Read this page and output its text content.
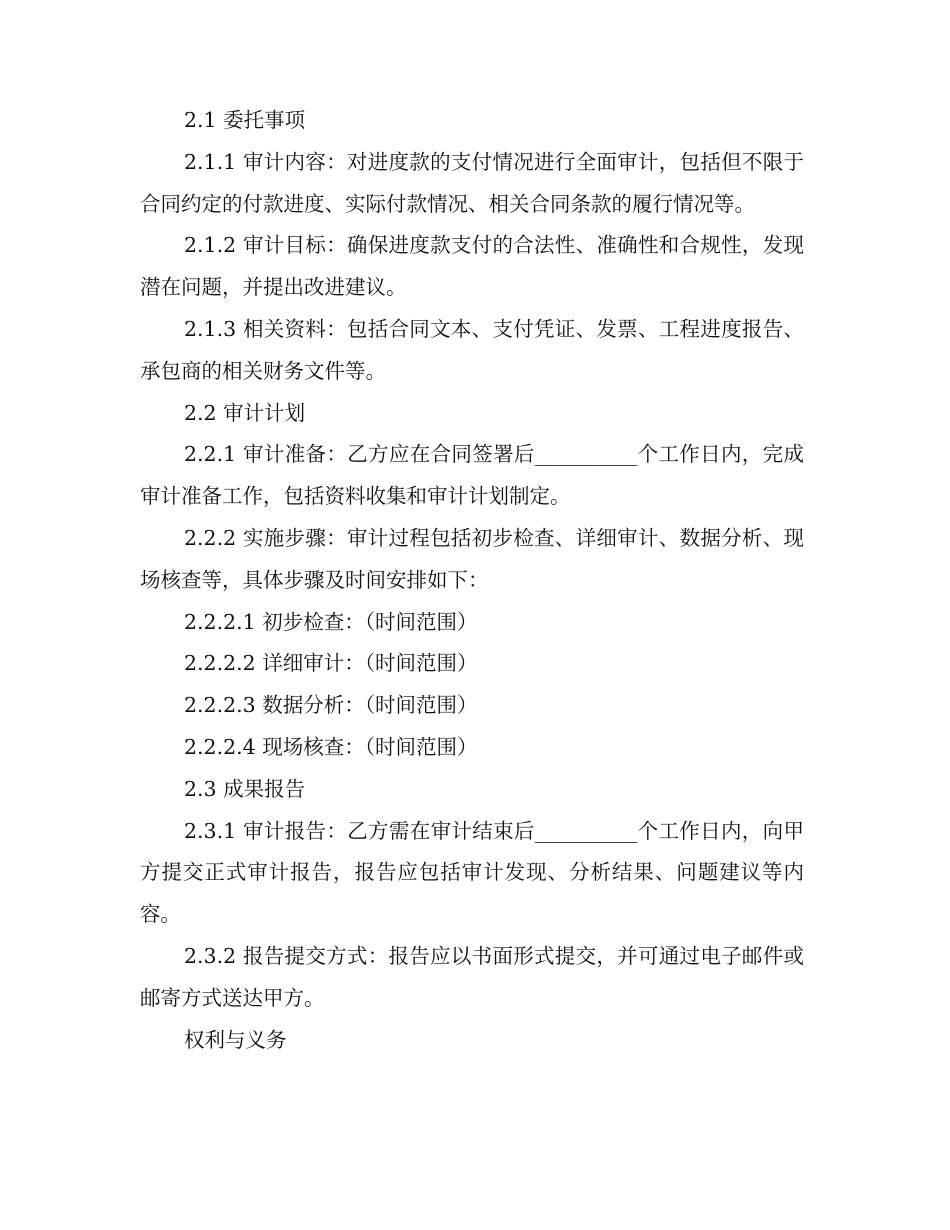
2.1 委托事项

2.1.1 审计内容：对进度款的支付情况进行全面审计，包括但不限于合同约定的付款进度、实际付款情况、相关合同条款的履行情况等。

2.1.2 审计目标：确保进度款支付的合法性、准确性和合规性，发现潜在问题，并提出改进建议。

2.1.3 相关资料：包括合同文本、支付凭证、发票、工程进度报告、承包商的相关财务文件等。

2.2 审计计划

2.2.1 审计准备：乙方应在合同签署后__________个工作日内，完成审计准备工作，包括资料收集和审计计划制定。

2.2.2 实施步骤：审计过程包括初步检查、详细审计、数据分析、现场核查等，具体步骤及时间安排如下：

2.2.2.1 初步检查：（时间范围）

2.2.2.2 详细审计：（时间范围）

2.2.2.3 数据分析：（时间范围）

2.2.2.4 现场核查：（时间范围）

2.3 成果报告

2.3.1 审计报告：乙方需在审计结束后__________个工作日内，向甲方提交正式审计报告，报告应包括审计发现、分析结果、问题建议等内容。

2.3.2 报告提交方式：报告应以书面形式提交，并可通过电子邮件或邮寄方式送达甲方。

权利与义务
